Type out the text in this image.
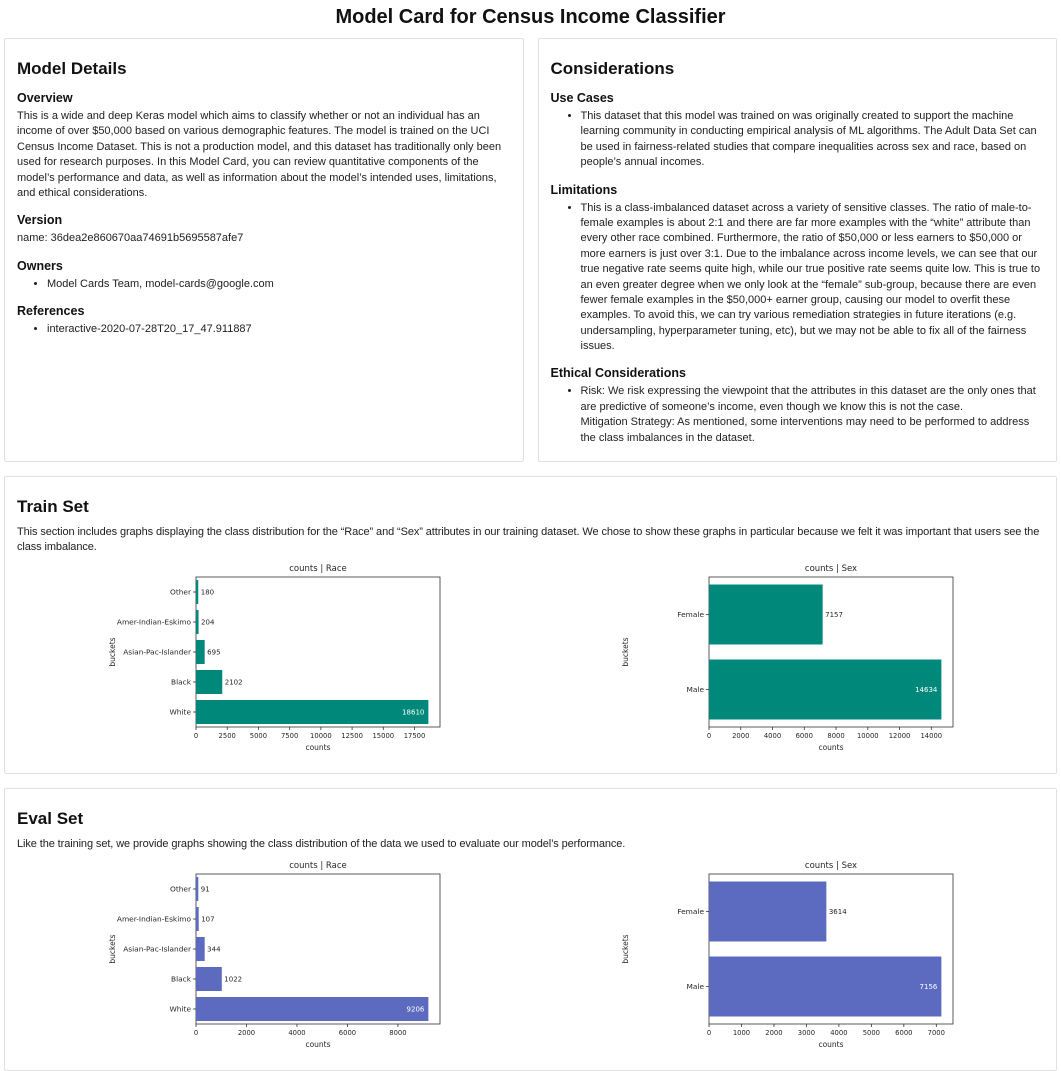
Model Card for Census Income Classifier
Model Details
Overview

This is a wide and deep Keras model which aims to classify whether or not an individual has an income of over $50,000 based on various demographic features. The model is trained on the UCI Census Income Dataset. This is not a production model, and this dataset has traditionally only been used for research purposes. In this Model Card, you can review quantitative components of the model’s performance and data, as well as information about the model’s intended uses, limitations, and ethical considerations.

Version

name: 36dea2e860670aa74691b5695587afe7

Owners
• Model Cards Team, model-cards@google.com
References
• interactive-2020-07-28T20_17_47.911887
Considerations
Use Cases
• This dataset that this model was trained on was originally created to support the machine learning community in conducting empirical analysis of ML algorithms. The Adult Data Set can be used in fairness-related studies that compare inequalities across sex and race, based on people’s annual incomes.
Limitations
• This is a class-imbalanced dataset across a variety of sensitive classes. The ratio of male-to-female examples is about 2:1 and there are far more examples with the “white” attribute than every other race combined. Furthermore, the ratio of $50,000 or less earners to $50,000 or more earners is just over 3:1. Due to the imbalance across income levels, we can see that our true negative rate seems quite high, while our true positive rate seems quite low. This is true to an even greater degree when we only look at the “female” sub-group, because there are even fewer female examples in the $50,000+ earner group, causing our model to overfit these examples. To avoid this, we can try various remediation strategies in future iterations (e.g. undersampling, hyperparameter tuning, etc), but we may not be able to fix all of the fairness issues.
Ethical Considerations
• Risk: We risk expressing the viewpoint that the attributes in this dataset are the only ones that are predictive of someone’s income, even though we know this is not the case.
Mitigation Strategy: As mentioned, some interventions may need to be performed to address the class imbalances in the dataset.
Train Set

This section includes graphs displaying the class distribution for the “Race” and “Sex” attributes in our training dataset. We chose to show these graphs in particular because we felt it was important that users see the class imbalance.

counts | Race
0	2500 5000 7500 10000 12500 15000 17500
counts
buckets
Other 180
Amer-Indian-Eskimo 204
Asian-Pac-Islander 695
Black	2102
White	18610
counts | Sex
0	2000 4000 6000 8000 10000 12000 14000
counts
buckets
Female	7157
Male	14634
Eval Set

Like the training set, we provide graphs showing the class distribution of the data we used to evaluate our model’s performance.

counts | Race
0	2000	4000	6000	8000
counts
buckets
Other 91
Amer-Indian-Eskimo 107
Asian-Pac-Islander 344
Black	1022
White	9206
counts | Sex
0	1000 2000 3000 4000 5000 6000 7000
counts
buckets
Female	3614
Male	7156
